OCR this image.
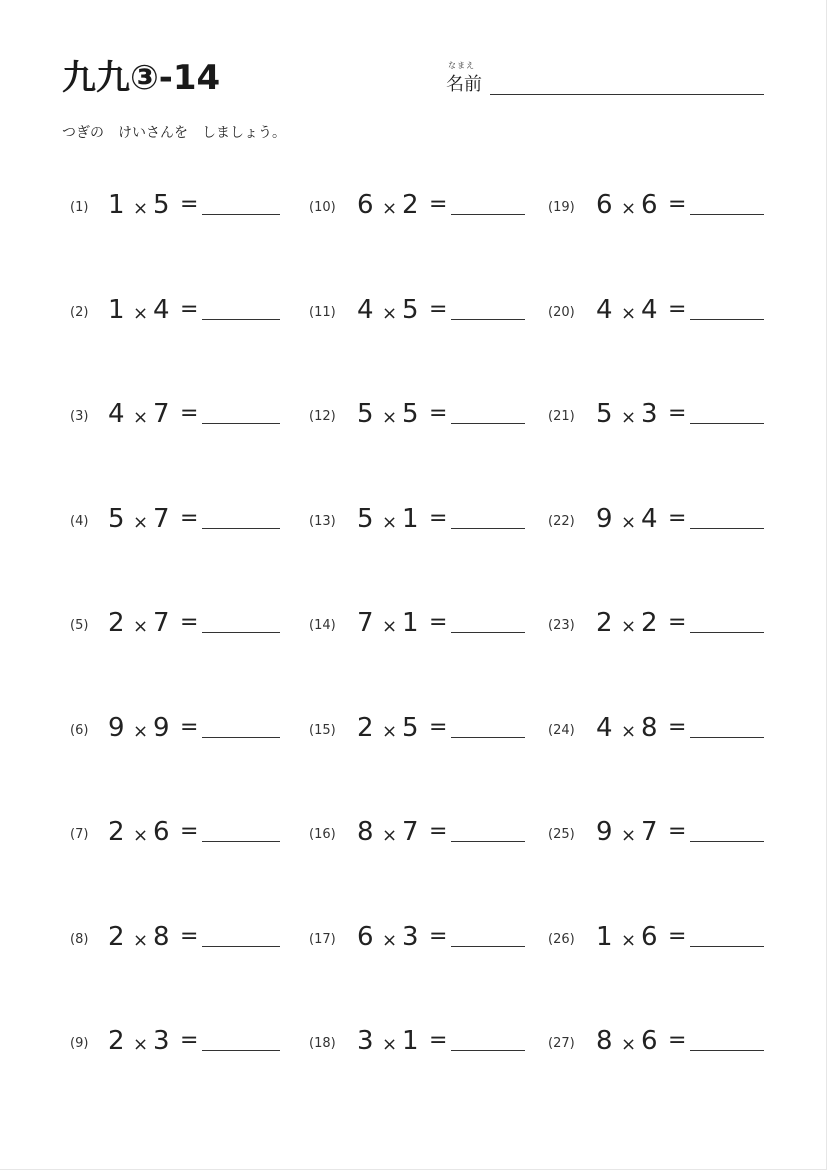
九九③-14	なまえ
名前
つぎの　けいさんを　しましょう。
(1) 1 × 5 =
(2) 1 × 4 =
(3) 4 × 7 =
(4) 5 × 7 =
(5) 2 × 7 =
(6) 9 × 9 =
(7) 2 × 6 =
(8) 2 × 8 =
(9) 2 × 3 =
(10) 6 × 2 =
(11) 4 × 5 =
(12) 5 × 5 =
(13) 5 × 1 =
(14) 7 × 1 =
(15) 2 × 5 =
(16) 8 × 7 =
(17) 6 × 3 =
(18) 3 × 1 =
(19) 6 × 6 =
(20) 4 × 4 =
(21) 5 × 3 =
(22) 9 × 4 =
(23) 2 × 2 =
(24) 4 × 8 =
(25) 9 × 7 =
(26) 1 × 6 =
(27) 8 × 6 =
